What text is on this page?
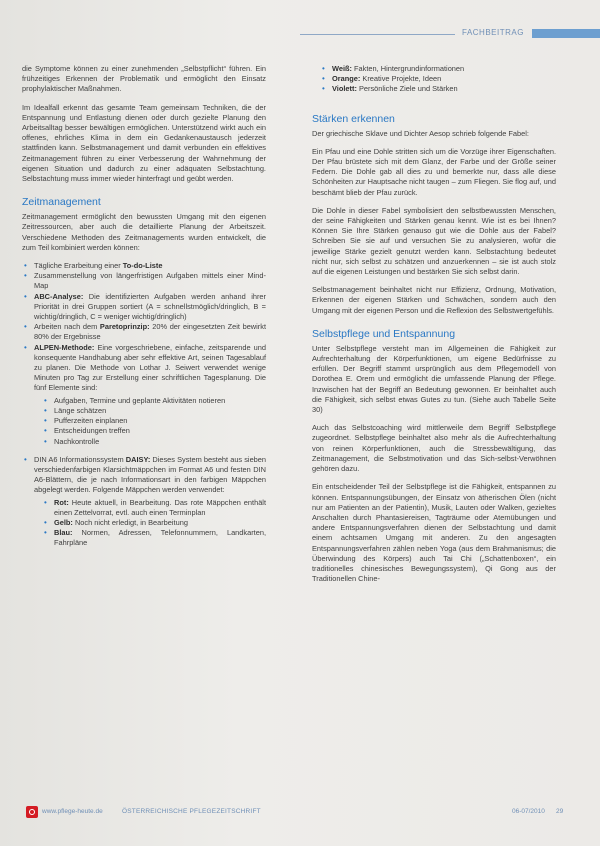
FACHBEITRAG

die Symptome können zu einer zunehmenden „Selbstpflicht“ führen. Ein frühzeitiges Erkennen der Problematik und ermöglicht den Einsatz prophylaktischer Maßnahmen.

Im Idealfall erkennt das gesamte Team gemeinsam Techniken, die der Entspannung und Entlastung dienen oder durch gezielte Planung den Arbeitsalltag besser bewältigen ermöglichen. Unterstützend wirkt auch ein offenes, ehrliches Klima in dem ein Gedankenaustausch jederzeit stattfinden kann. Selbstmanagement und damit verbunden ein effektives Zeitmanagement führen zu einer Verbesserung der Wahrnehmung der eigenen Situation und dadurch zu einer adäquaten Selbstachtung. Selbstachtung muss immer wieder hinterfragt und geübt werden.

Zeitmanagement

Zeitmanagement ermöglicht den bewussten Umgang mit den eigenen Zeitressourcen, aber auch die detaillierte Planung der Arbeitszeit. Verschiedene Methoden des Zeitmanagements wurden entwickelt, die zum Teil kombiniert werden können:

• Tägliche Erarbeitung einer To-do-Liste
• Zusammenstellung von längerfristigen Aufgaben mittels einer Mind-Map
• ABC-Analyse: Die identifizierten Aufgaben werden anhand ihrer Priorität in drei Gruppen sortiert (A = schnellstmöglich/dringlich, B = wichtig/dringlich, C = weniger wichtig/dringlich)
• Arbeiten nach dem Paretoprinzip: 20% der eingesetzten Zeit bewirkt 80% der Ergebnisse
• ALPEN-Methode: Eine vorgeschriebene, einfache, zeitsparende und konsequente Handhabung aber sehr effektive Art, seinen Tagesablauf zu planen. Die Methode von Lothar J. Seiwert verwendet wenige Minuten pro Tag zur Erstellung einer schriftlichen Tagesplanung. Die fünf Elemente sind:
• Aufgaben, Termine und geplante Aktivitäten notieren
• Länge schätzen
• Pufferzeiten einplanen
• Entscheidungen treffen
• Nachkontrolle
• DIN A6 Informationssystem DAISY: Dieses System besteht aus sieben verschiedenfarbigen Klarsichtmäppchen im Format A6 und festen DIN A6-Blättern, die je nach Informationsart in den farbigen Mäppchen abgelegt werden. Folgende Mäppchen werden verwendet:
• Rot: Heute aktuell, in Bearbeitung. Das rote Mäppchen enthält einen Zettelvorrat, evtl. auch einen Terminplan
• Gelb: Noch nicht erledigt, in Bearbeitung
• Blau: Normen, Adressen, Telefonnummern, Landkarten, Fahrpläne
• Weiß: Fakten, Hintergrundinformationen
• Orange: Kreative Projekte, Ideen
• Violett: Persönliche Ziele und Stärken
Stärken erkennen

Der griechische Sklave und Dichter Aesop schrieb folgende Fabel:

Ein Pfau und eine Dohle stritten sich um die Vorzüge ihrer Eigenschaften. Der Pfau brüstete sich mit dem Glanz, der Farbe und der Größe seiner Federn. Die Dohle gab all dies zu und bemerkte nur, dass alle diese Schönheiten zur Hauptsache nicht taugen – zum Fliegen. Sie flog auf, und beschämt blieb der Pfau zurück.

Die Dohle in dieser Fabel symbolisiert den selbstbewussten Menschen, der seine Fähigkeiten und Stärken genau kennt. Wie ist es bei Ihnen? Können Sie Ihre Stärken genauso gut wie die Dohle aus der Fabel? Schreiben Sie sie auf und versuchen Sie zu analysieren, wofür die jeweilige Stärke gezielt genutzt werden kann. Selbstachtung bedeutet nicht nur, sich selbst zu schätzen und anzuerkennen – sie ist auch stolz auf die eigenen Leistungen und bestärken Sie sich selbst darin.

Selbstmanagement beinhaltet nicht nur Effizienz, Ordnung, Motivation, Erkennen der eigenen Stärken und Schwächen, sondern auch den Umgang mit der eigenen Person und die Reflexion des Selbstwertgefühls.

Selbstpflege und Entspannung

Unter Selbstpflege versteht man im Allgemeinen die Fähigkeit zur Aufrechterhaltung der Körperfunktionen, um eigene Bedürfnisse zu erfüllen. Der Begriff stammt ursprünglich aus dem Pflegemodell von Dorothea E. Orem und ermöglicht die umfassende Planung der Pflege. Inzwischen hat der Begriff an Bedeutung gewonnen. Er beinhaltet auch die Fähigkeit, sich selbst etwas Gutes zu tun. (Siehe auch Tabelle Seite 30)

Auch das Selbstcoaching wird mittlerweile dem Begriff Selbstpflege zugeordnet. Selbstpflege beinhaltet also mehr als die Aufrechterhaltung von reinen Körperfunktionen, auch die Stressbewältigung, das Zeitmanagement, die Selbstmotivation und das Sich-selbst-Verwöhnen gehören dazu.

Ein entscheidender Teil der Selbstpflege ist die Fähigkeit, entspannen zu können. Entspannungsübungen, der Einsatz von ätherischen Ölen (nicht nur am Patienten an der Patientin), Musik, Lauten oder Walken, gezieltes Anschalten durch Phantasiereisen, Tagträume oder Atemübungen und andere Entspannungsverfahren dienen der Selbstachtung und damit einem achtsamen Umgang mit anderen. Zu den angesagten Entspannungsverfahren zählen neben Yoga (aus dem Brahmanismus; die Überwindung des Körpers) auch Tai Chi („Schattenboxen“, ein traditionelles chinesisches Bewegungssystem), Qi Gong aus der Traditionellen Chine-

www.pflege-heute.de	ÖSTERREICHISCHE PFLEGEZEITSCHRIFT	06-07/2010 29
